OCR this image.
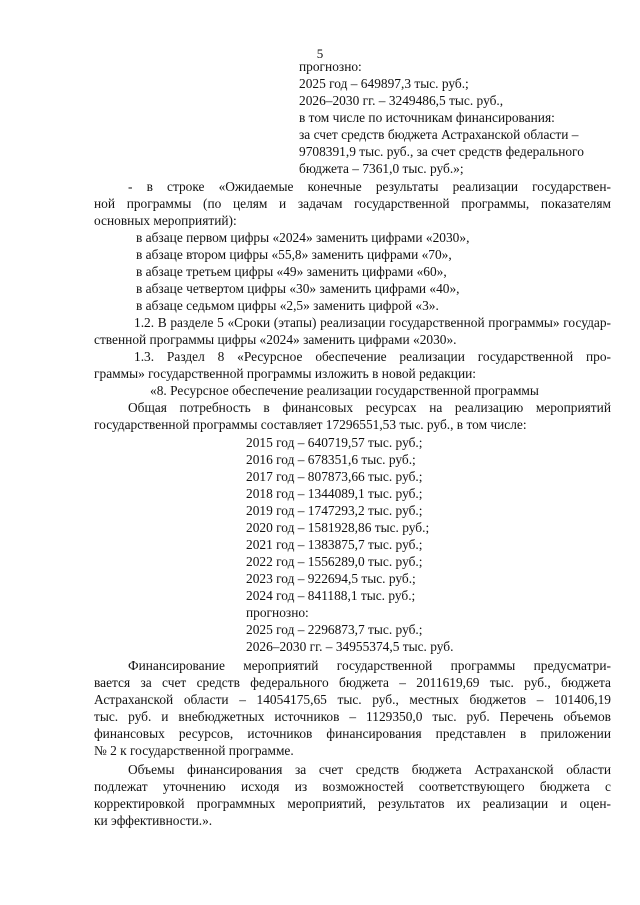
5
прогнозно:
2025 год – 649897,3 тыс. руб.;
2026–2030 гг. – 3249486,5 тыс. руб.,
в том числе по источникам финансирования:
за счет средств бюджета Астраханской области –
9708391,9 тыс. руб., за счет средств федерального
бюджета – 7361,0 тыс. руб.»;
- в строке «Ожидаемые конечные результаты реализации государствен-
ной программы (по целям и задачам государственной программы, показателям
основных мероприятий):
в абзаце первом цифры «2024» заменить цифрами «2030»,
в абзаце втором цифры «55,8» заменить цифрами «70»,
в абзаце третьем цифры «49» заменить цифрами «60»,
в абзаце четвертом цифры «30» заменить цифрами «40»,
в абзаце седьмом цифры «2,5» заменить цифрой «3».
1.2. В разделе 5 «Сроки (этапы) реализации государственной программы» государ-
ственной программы цифры «2024» заменить цифрами «2030».
1.3. Раздел 8 «Ресурсное обеспечение реализации государственной про-
граммы» государственной программы изложить в новой редакции:
«8. Ресурсное обеспечение реализации государственной программы
Общая потребность в финансовых ресурсах на реализацию мероприятий
государственной программы составляет 17296551,53 тыс. руб., в том числе:
2015 год – 640719,57 тыс. руб.;
2016 год – 678351,6 тыс. руб.;
2017 год – 807873,66 тыс. руб.;
2018 год – 1344089,1 тыс. руб.;
2019 год – 1747293,2 тыс. руб.;
2020 год – 1581928,86 тыс. руб.;
2021 год – 1383875,7 тыс. руб.;
2022 год – 1556289,0 тыс. руб.;
2023 год – 922694,5 тыс. руб.;
2024 год – 841188,1 тыс. руб.;
прогнозно:
2025 год – 2296873,7 тыс. руб.;
2026–2030 гг. – 34955374,5 тыс. руб.
Финансирование мероприятий государственной программы предусматри-
вается за счет средств федерального бюджета – 2011619,69 тыс. руб., бюджета
Астраханской области – 14054175,65 тыс. руб., местных бюджетов – 101406,19
тыс. руб. и внебюджетных источников – 1129350,0 тыс. руб. Перечень объемов
финансовых ресурсов, источников финансирования представлен в приложении
№ 2 к государственной программе.
Объемы финансирования за счет средств бюджета Астраханской области
подлежат уточнению исходя из возможностей соответствующего бюджета с
корректировкой программных мероприятий, результатов их реализации и оцен-
ки эффективности.».
